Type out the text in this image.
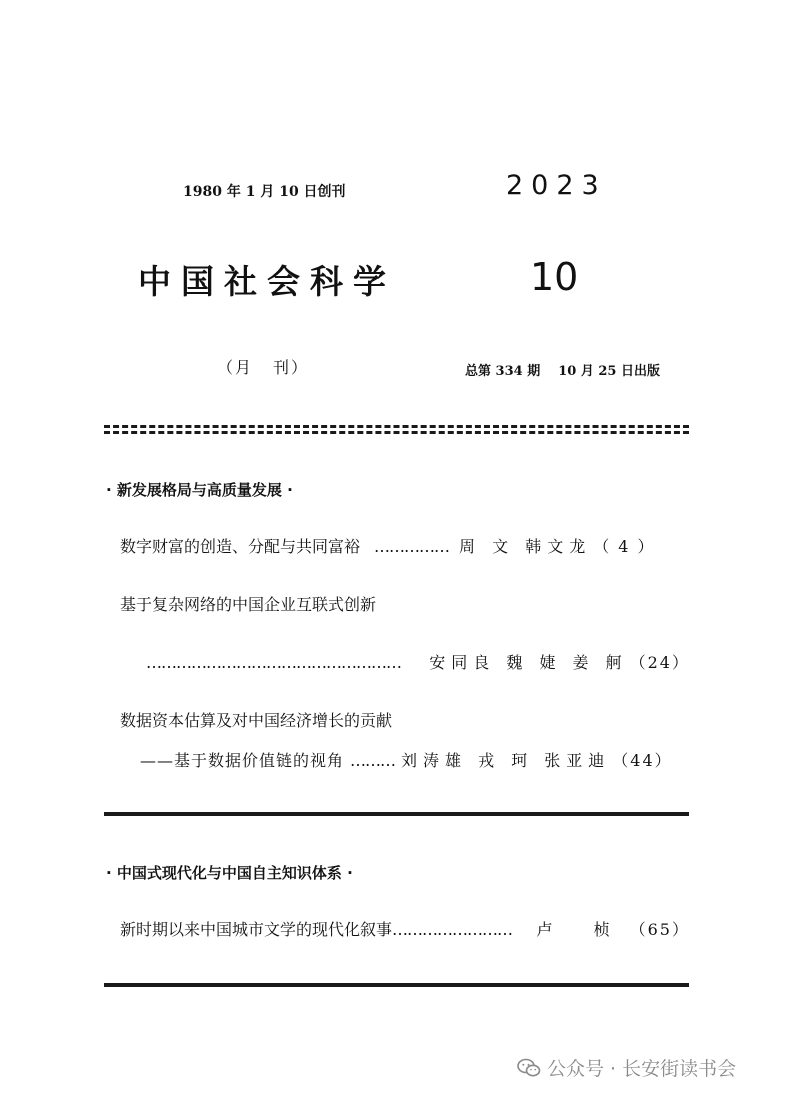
1980 年 1 月 10 日创刊	2023
中国社会科学	10
（月 刊）	总第 334 期 10 月 25 日出版
· 新发展格局与高质量发展 ·
数字财富的创造、分配与共同富裕 …………… 周 文 韩文龙 （ 4 ）
基于复杂网络的中国企业互联式创新
……………………………………………	安同良 魏 婕 姜 舸 （24）
数据资本估算及对中国经济增长的贡献
——基于数据价值链的视角 ……… 刘涛雄 戎 珂 张亚迪 （44）
· 中国式现代化与中国自主知识体系 ·
新时期以来中国城市文学的现代化叙事 ……………………	卢 桢 （65）
公众号 · 长安街读书会
